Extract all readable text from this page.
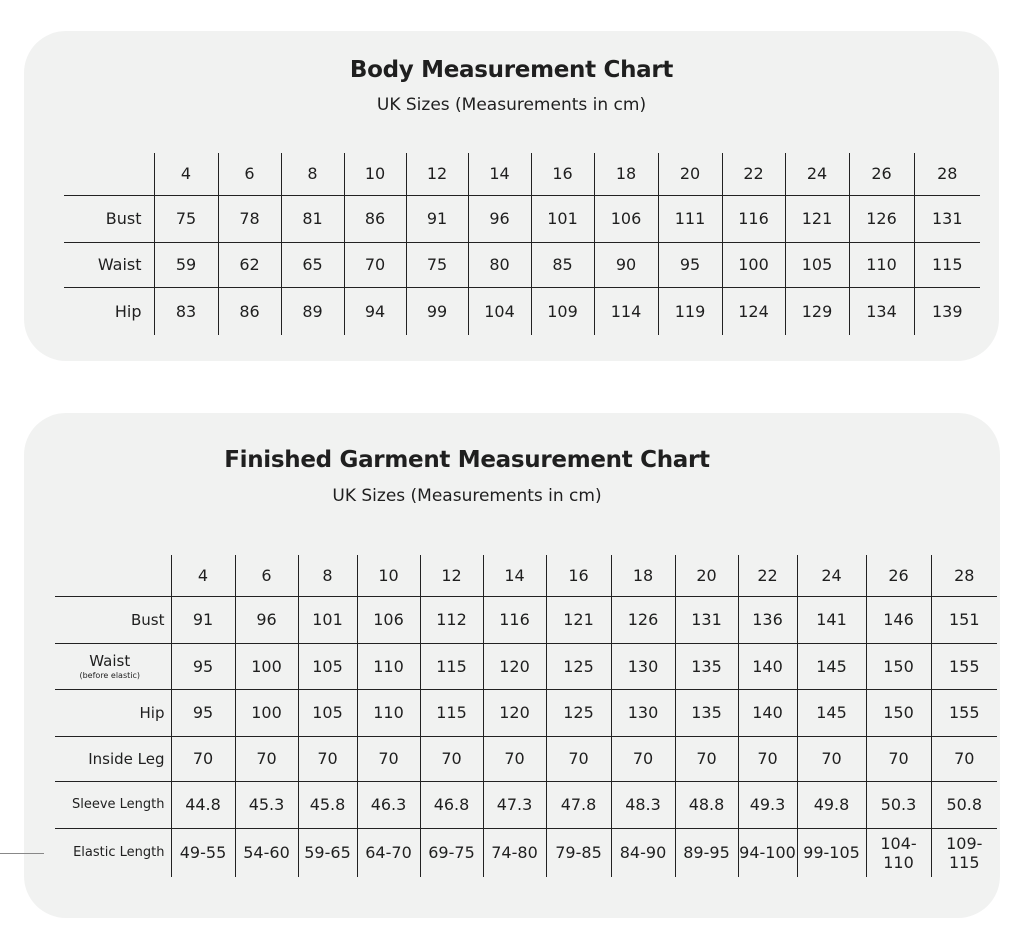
Body Measurement Chart
UK Sizes (Measurements in cm)
	4	6	8	10	12	14	16	18	20	22	24	26	28
Bust	75	78	81	86	91	96	101	106	111	116	121	126	131
Waist	59	62	65	70	75	80	85	90	95	100	105	110	115
Hip	83	86	89	94	99	104	109	114	119	124	129	134	139
Finished Garment Measurement Chart
UK Sizes (Measurements in cm)
	4	6	8	10	12	14	16	18	20	22	24	26	28
Bust	91	96	101	106	112	116	121	126	131	136	141	146	151
Waist
(before elastic)	95	100	105	110	115	120	125	130	135	140	145	150	155
Hip	95	100	105	110	115	120	125	130	135	140	145	150	155
Inside Leg	70	70	70	70	70	70	70	70	70	70	70	70	70
Sleeve Length	44.8	45.3	45.8	46.3	46.8	47.3	47.8	48.3	48.8	49.3	49.8	50.3	50.8
Elastic Length	49-55	54-60	59-65	64-70	69-75	74-80	79-85	84-90	89-95	94-100	99-105	104-110	109-115
